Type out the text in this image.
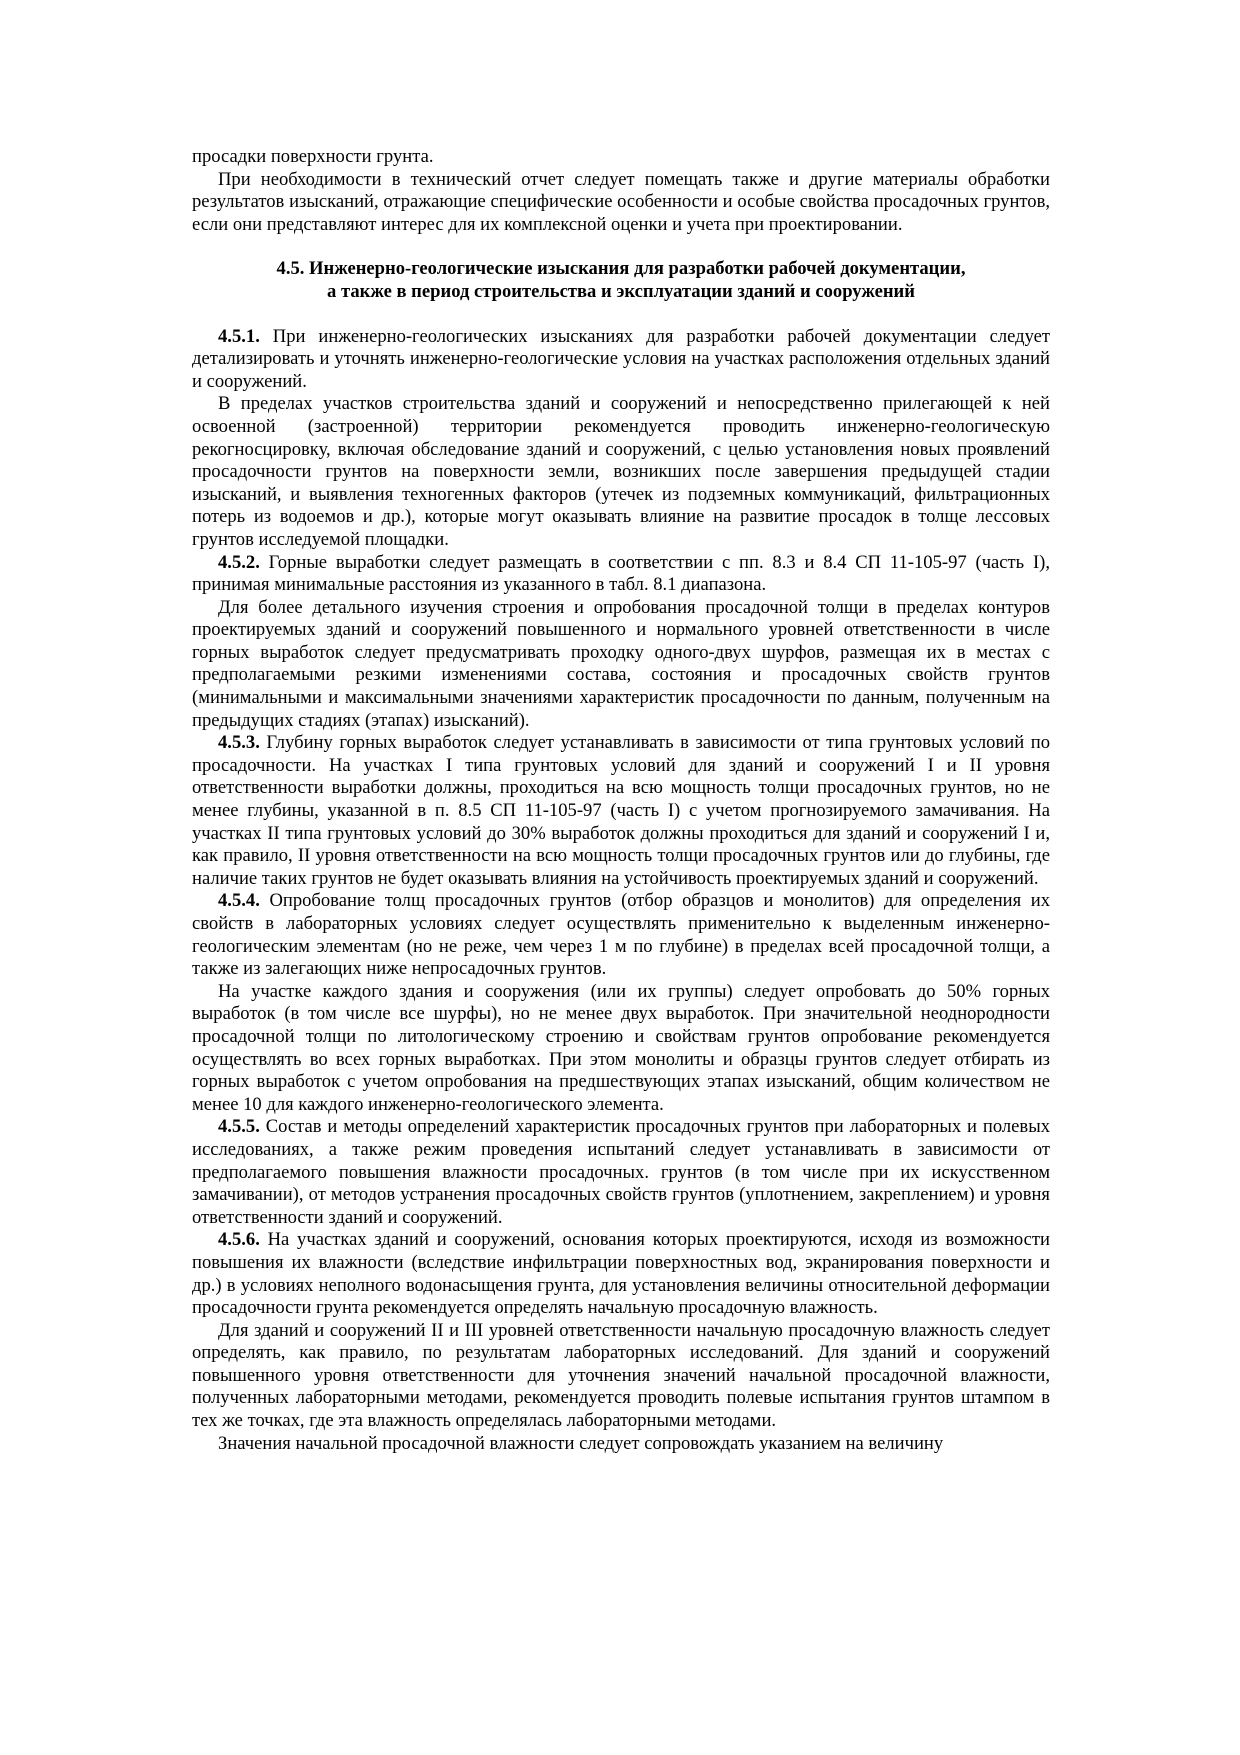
просадки поверхности грунта.

При необходимости в технический отчет следует помещать также и другие материалы обработки результатов изысканий, отражающие специфические особенности и особые свойства просадочных грунтов, если они представляют интерес для их комплексной оценки и учета при проектировании.

4.5. Инженерно-геологические изыскания для разработки рабочей документации,
а также в период строительства и эксплуатации зданий и сооружений

4.5.1. При инженерно-геологических изысканиях для разработки рабочей документации следует детализировать и уточнять инженерно-геологические условия на участках расположения отдельных зданий и сооружений.

В пределах участков строительства зданий и сооружений и непосредственно прилегающей к ней освоенной (застроенной) территории рекомендуется проводить инженерно-геологическую рекогносцировку, включая обследование зданий и сооружений, с целью установления новых проявлений просадочности грунтов на поверхности земли, возникших после завершения предыдущей стадии изысканий, и выявления техногенных факторов (утечек из подземных коммуникаций, фильтрационных потерь из водоемов и др.), которые могут оказывать влияние на развитие просадок в толще лессовых грунтов исследуемой площадки.

4.5.2. Горные выработки следует размещать в соответствии с пп. 8.3 и 8.4 СП 11-105-97 (часть I), принимая минимальные расстояния из указанного в табл. 8.1 диапазона.

Для более детального изучения строения и опробования просадочной толщи в пределах контуров проектируемых зданий и сооружений повышенного и нормального уровней ответственности в числе горных выработок следует предусматривать проходку одного-двух шурфов, размещая их в местах с предполагаемыми резкими изменениями состава, состояния и просадочных свойств грунтов (минимальными и максимальными значениями характеристик просадочности по данным, полученным на предыдущих стадиях (этапах) изысканий).

4.5.3. Глубину горных выработок следует устанавливать в зависимости от типа грунтовых условий по просадочности. На участках I типа грунтовых условий для зданий и сооружений I и II уровня ответственности выработки должны, проходиться на всю мощность толщи просадочных грунтов, но не менее глубины, указанной в п. 8.5 СП 11-105-97 (часть I) с учетом прогнозируемого замачивания. На участках II типа грунтовых условий до 30% выработок должны проходиться для зданий и сооружений I и, как правило, II уровня ответственности на всю мощность толщи просадочныx грунтов или до глубины, где наличие таких грунтов не будет оказывать влияния на устойчивость проектируемых зданий и сооружений.

4.5.4. Опробование толщ просадочных грунтов (отбор образцов и монолитов) для определения их свойств в лабораторных условиях следует осуществлять применительно к выделенным инженерно-геологическим элементам (но не реже, чем через 1 м по глубине) в пределах всей просадочной толщи, а также из залегающих ниже непросадочных грунтов.

На участке каждого здания и сооружения (или их группы) следует опробовать до 50% горных выработок (в том числе все шурфы), но не менее двух выработок. При значительной неоднородности просадочной толщи по литологическому строению и свойствам грунтов опробование рекомендуется осуществлять во всех горных выработках. При этом монолиты и образцы грунтов следует отбирать из горных выработок с учетом опробования на предшествующих этапах изысканий, общим количеством не менее 10 для каждого инженерно-геологического элемента.

4.5.5. Состав и методы определений характеристик просадочных грунтов при лабораторных и полевых исследованиях, а также режим проведения испытаний следует устанавливать в зависимости от предполагаемого повышения влажности просадочных. грунтов (в том числе при их искусственном замачивании), от методов устранения просадочных свойств грунтов (уплотнением, закреплением) и уровня ответственности зданий и сооружений.

4.5.6. На участках зданий и сооружений, основания которых проектируются, исходя из возможности повышения их влажности (вследствие инфильтрации поверхностных вод, экранирования поверхности и др.) в условиях неполного водонасыщения грунта, для установления величины относительной деформации просадочности грунта рекомендуется определять начальную просадочную влажность.

Для зданий и сооружений II и III уровней ответственности начальную просадочную влажность следует определять, как правило, по результатам лабораторных исследований. Для зданий и сооружений повышенного уровня ответственности для уточнения значений начальной просадочной влажности, полученных лабораторными методами, рекомендуется проводить полевые испытания грунтов штампом в тех же точках, где эта влажность определялась лабораторными методами.

Значения начальной просадочной влажности следует сопровождать указанием на величину
